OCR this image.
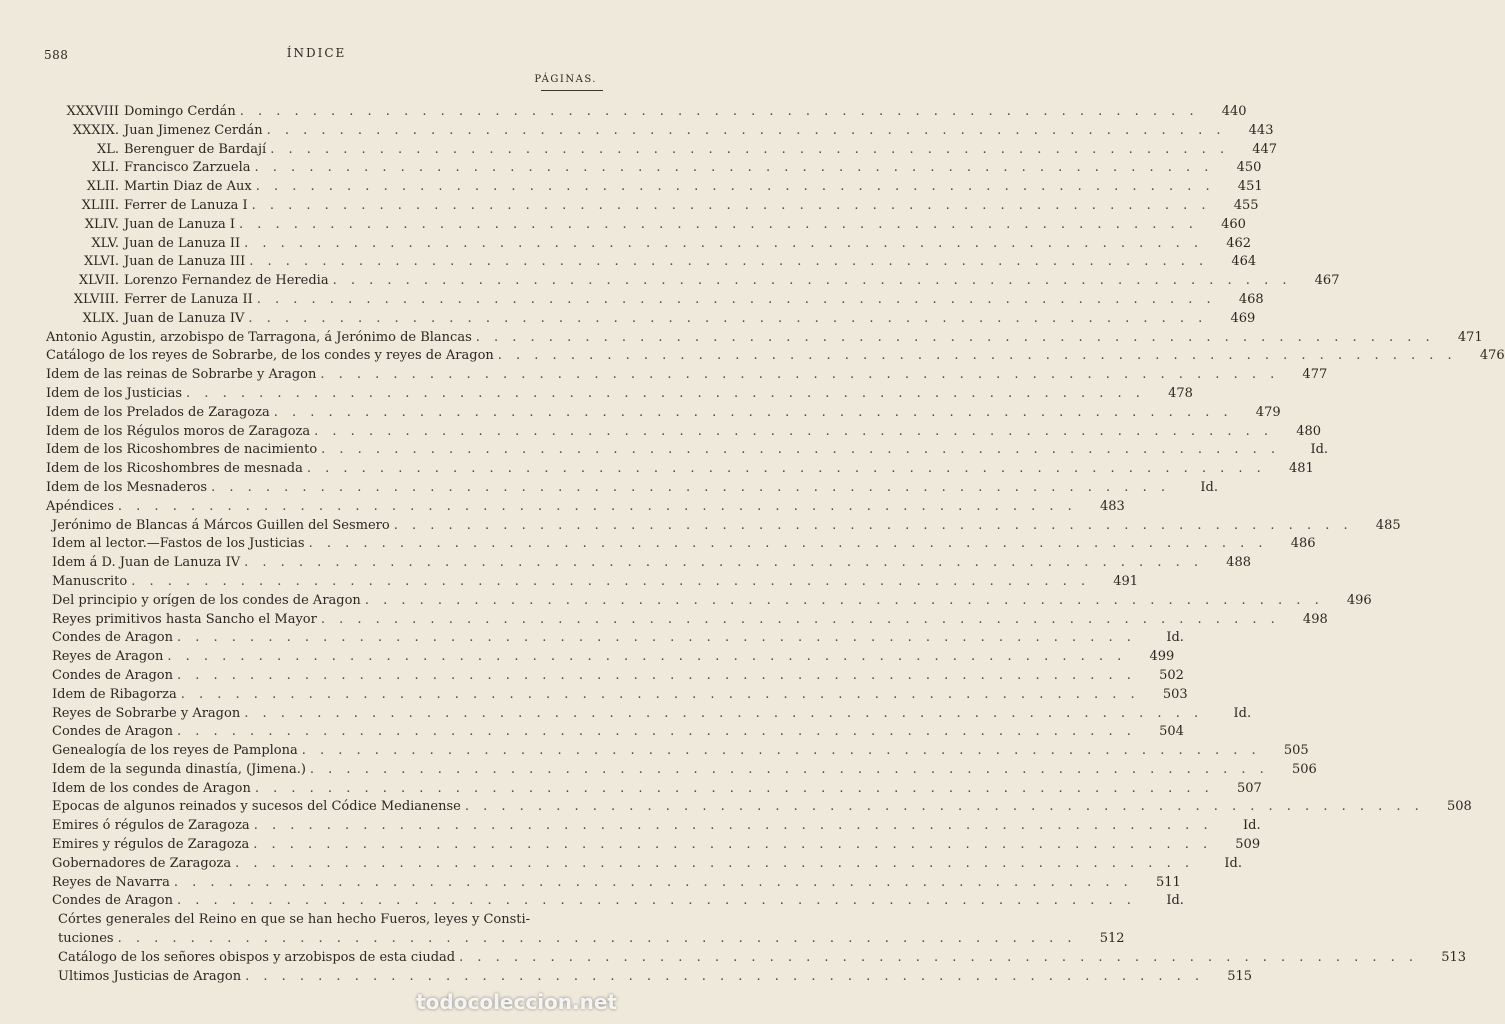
588	ÍNDICE
PÁGINAS.
XXXVIII Domingo Cerdán . . .	440
XXXIX. Juan Jimenez Cerdán . . .	443
XL. Berenguer de Bardají . . .	447
XLI. Francisco Zarzuela . . .	450
XLII. Martin Diaz de Aux . . .	451
XLIII. Ferrer de Lanuza I . . .	455
XLIV. Juan de Lanuza I . . .	460
XLV. Juan de Lanuza II . . .	462
XLVI. Juan de Lanuza III . . .	464
XLVII. Lorenzo Fernandez de Heredia . . .	467
XLVIII. Ferrer de Lanuza II . . .	468
XLIX. Juan de Lanuza IV . . .	469
Antonio Agustin, arzobispo de Tarragona, á Jerónimo de Blancas . . .	471
Catálogo de los reyes de Sobrarbe, de los condes y reyes de Aragon . . .	476
Idem de las reinas de Sobrarbe y Aragon . . .	477
Idem de los Justicias . . .	478
Idem de los Prelados de Zaragoza . . .	479
Idem de los Régulos moros de Zaragoza . . .	480
Idem de los Ricoshombres de nacimiento . . .	Id.
Idem de los Ricoshombres de mesnada . . .	481
Idem de los Mesnaderos . . .	Id.
Apéndices . . .	483
Jerónimo de Blancas á Márcos Guillen del Sesmero . . .	485
Idem al lector.—Fastos de los Justicias . . .	486
Idem á D. Juan de Lanuza IV . . .	488
Manuscrito . . .	491
Del principio y orígen de los condes de Aragon . . .	496
Reyes primitivos hasta Sancho el Mayor . . .	498
Condes de Aragon . . .	Id.
Reyes de Aragon . . .	499
Condes de Aragon . . .	502
Idem de Ribagorza . . .	503
Reyes de Sobrarbe y Aragon . . .	Id.
Condes de Aragon . . .	504
Genealogía de los reyes de Pamplona . . .	505
Idem de la segunda dinastía, (Jimena.) . . .	506
Idem de los condes de Aragon . . .	507
Epocas de algunos reinados y sucesos del Códice Medianense . . .	508
Emires ó régulos de Zaragoza . . .	Id.
Emires y régulos de Zaragoza . . .	509
Gobernadores de Zaragoza . . .	Id.
Reyes de Navarra . . .	511
Condes de Aragon . . .	Id.
Córtes generales del Reino en que se han hecho Fueros, leyes y Consti-
tuciones . . .	512
Catálogo de los señores obispos y arzobispos de esta ciudad . . .	513
Ultimos Justicias de Aragon . . .	515
todocoleccion.net
